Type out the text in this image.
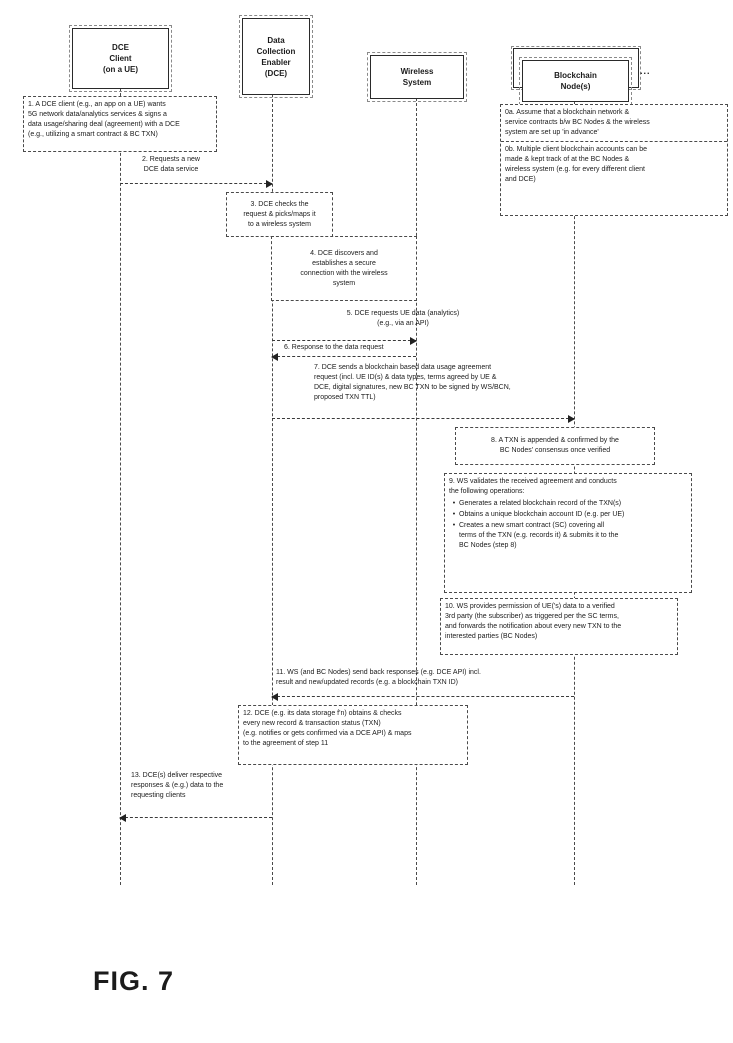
DCE
Client
(on a UE)
Data
Collection
Enabler
(DCE)	Wireless
System
Blockchain
Node(s)
...
0a. Assume that a blockchain network &
service contracts b/w BC Nodes & the wireless
system are set up 'in advance'
0b. Multiple client blockchain accounts can be
made & kept track of at the BC Nodes &
wireless system (e.g. for every different client
and DCE)
1. A DCE client (e.g., an app on a UE) wants
5G network data/analytics services & signs a
data usage/sharing deal (agreement) with a DCE
(e.g., utilizing a smart contract & BC TXN)
2. Requests a new
DCE data service
3. DCE checks the
request & picks/maps it
to a wireless system
4. DCE discovers and
establishes a secure
connection with the wireless
system
5. DCE requests UE data (analytics)
(e.g., via an API)
6. Response to the data request
7. DCE sends a blockchain based data usage agreement
request (incl. UE ID(s) & data types, terms agreed by UE &
DCE, digital signatures, new BC TXN to be signed by WS/BCN,
proposed TXN TTL)
8. A TXN is appended & confirmed by the
BC Nodes' consensus once verified
9. WS validates the received agreement and conducts
the following operations:
• Generates a related blockchain record of the TXN(s)
• Obtains a unique blockchain account ID (e.g. per UE)
• Creates a new smart contract (SC) covering all
terms of the TXN (e.g. records it) & submits it to the
BC Nodes (step 8)
10. WS provides permission of UE('s) data to a verified
3rd party (the subscriber) as triggered per the SC terms,
and forwards the notification about every new TXN to the
interested parties (BC Nodes)
11. WS (and BC Nodes) send back responses (e.g. DCE API) incl.
result and new/updated records (e.g. a blockchain TXN ID)
12. DCE (e.g. its data storage f'n) obtains & checks
every new record & transaction status (TXN)
(e.g. notifies or gets confirmed via a DCE API) & maps
to the agreement of step 11
13. DCE(s) deliver respective
responses & (e.g.) data to the
requesting clients
FIG. 7
